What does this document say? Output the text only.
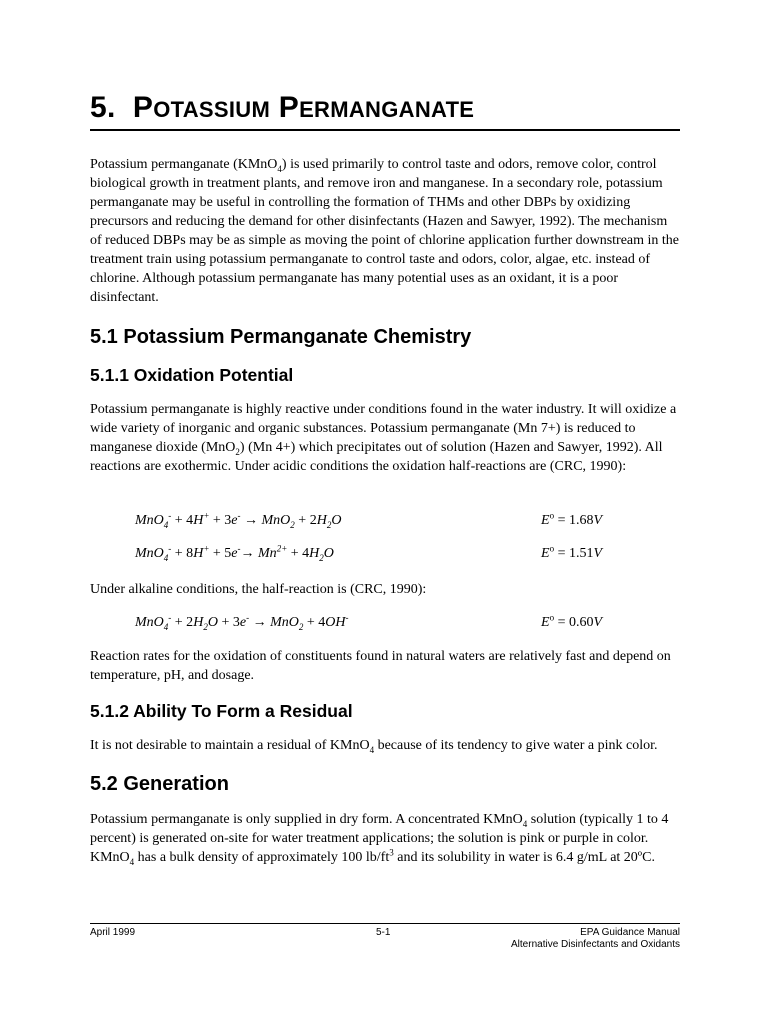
5. POTASSIUM PERMANGANATE

Potassium permanganate (KMnO$_4$) is used primarily to control taste and odors, remove color, control biological growth in treatment plants, and remove iron and manganese. In a secondary role, potassium permanganate may be useful in controlling the formation of THMs and other DBPs by oxidizing precursors and reducing the demand for other disinfectants (Hazen and Sawyer, 1992). The mechanism of reduced DBPs may be as simple as moving the point of chlorine application further downstream in the treatment train using potassium permanganate to control taste and odors, color, algae, etc. instead of chlorine. Although potassium permanganate has many potential uses as an oxidant, it is a poor disinfectant.

5.1 Potassium Permanganate Chemistry
5.1.1 Oxidation Potential

Potassium permanganate is highly reactive under conditions found in the water industry. It will oxidize a wide variety of inorganic and organic substances. Potassium permanganate (Mn 7+) is reduced to manganese dioxide (MnO$_2$) (Mn 4+) which precipitates out of solution (Hazen and Sawyer, 1992). All reactions are exothermic. Under acidic conditions the oxidation half-reactions are (CRC, 1990):

$MnO_4^- + 4H^+ + 3e^- \to MnO_2 + 2H_2O$	$E^o = 1.68V$
$MnO_4^- + 8H^+ + 5e^-\to Mn^{2+} + 4H_2O$	$E^o = 1.51V$

Under alkaline conditions, the half-reaction is (CRC, 1990):

$MnO_4^- + 2H_2O + 3e^- \to MnO_2 + 4OH^-$	$E^o = 0.60V$

Reaction rates for the oxidation of constituents found in natural waters are relatively fast and depend on temperature, pH, and dosage.

5.1.2 Ability To Form a Residual

It is not desirable to maintain a residual of KMnO$_4$ because of its tendency to give water a pink color.

5.2 Generation

Potassium permanganate is only supplied in dry form. A concentrated KMnO$_4$ solution (typically 1 to 4 percent) is generated on-site for water treatment applications; the solution is pink or purple in color. KMnO$_4$ has a bulk density of approximately 100 $lb/ft^3$ and its solubility in water is 6.4 g/mL at 20ºC.

April 1999	5-1	EPA Guidance Manual
Alternative Disinfectants and Oxidants
